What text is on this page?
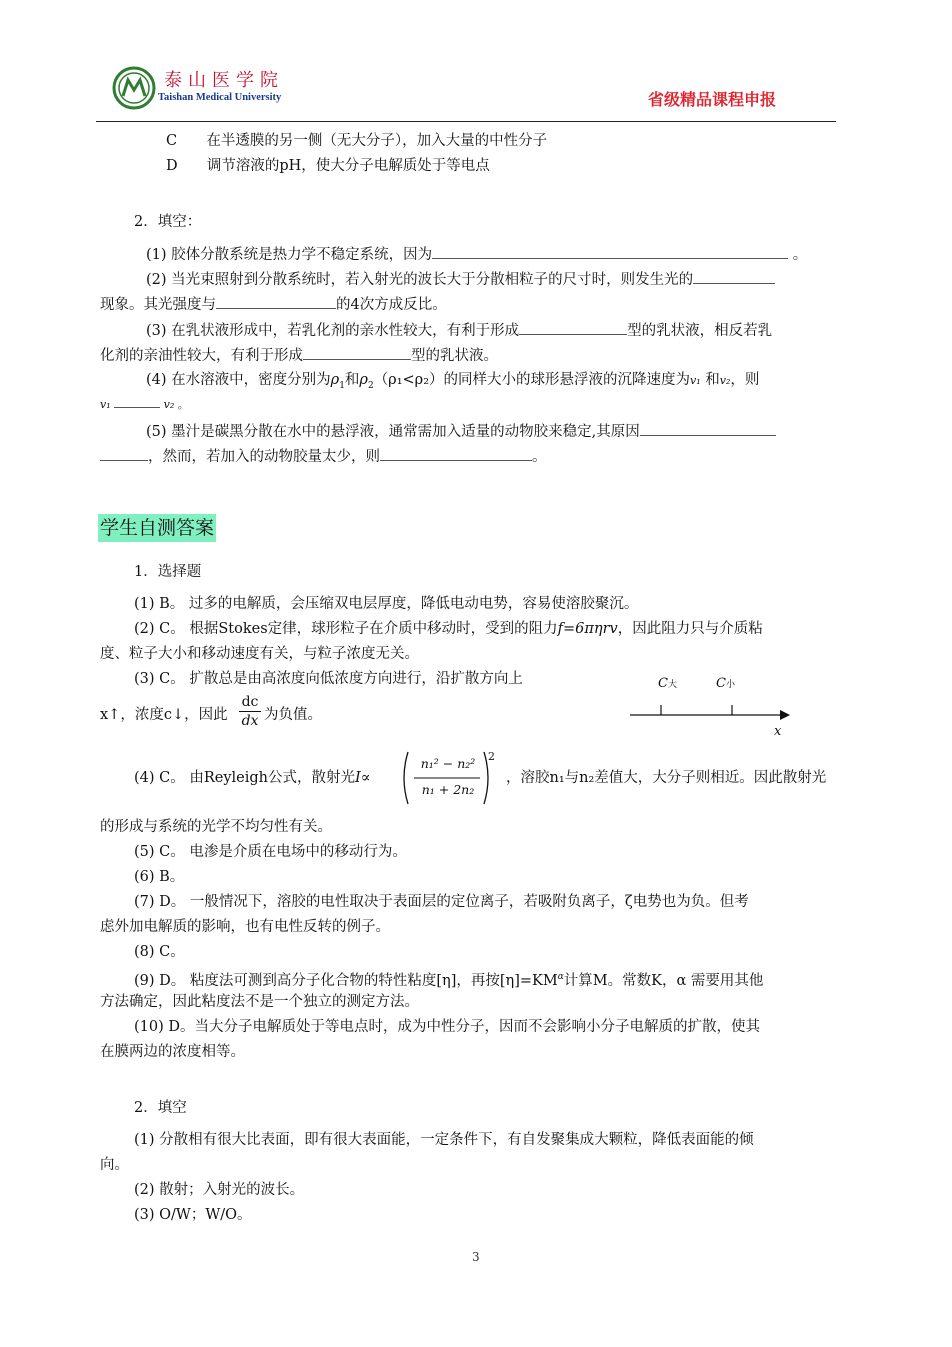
泰山医学院
Taishan Medical University	省级精品课程申报
C 在半透膜的另一侧（无大分子），加入大量的中性分子
D 调节溶液的pH，使大分子电解质处于等电点
2．填空：
(1) 胶体分散系统是热力学不稳定系统，因为	。
(2) 当光束照射到分散系统时，若入射光的波长大于分散相粒子的尺寸时，则发生光的
现象。其光强度与	的4次方成反比。
(3) 在乳状液形成中，若乳化剂的亲水性较大，有利于形成	型的乳状液，相反若乳
化剂的亲油性较大，有利于形成	型的乳状液。
(4) 在水溶液中，密度分别为$\rho_1$和$\rho_2(\rho_1<\rho_2)$的同样大小的球形悬浮液的沉降速度为v₁ 和v₂，则
v₁	v₂ 。
(5) 墨汁是碳黑分散在水中的悬浮液，通常需加入适量的动物胶来稳定,其原因
，然而，若加入的动物胶量太少，则	。
学生自测答案
1．选择题
(1) B。 过多的电解质，会压缩双电层厚度，降低电动电势，容易使溶胶聚沉。
(2) C。 根据Stokes定律，球形粒子在介质中移动时，受到的阻力f=6πηrv，因此阻力只与介质粘
度、粒子大小和移动速度有关，与粒子浓度无关。
(3) C。 扩散总是由高浓度向低浓度方向进行，沿扩散方向上
x↑，浓度c↓，因此 $\frac{dc}{dx}$ 为负值。
C大	C小
x
(4) C。 由Reyleigh公式，散射光I∝
n₁² − n₂²
n₁ + 2n₂
2
，溶胶n₁与n₂差值大，大分子则相近。因此散射光
的形成与系统的光学不均匀性有关。
(5) C。 电渗是介质在电场中的移动行为。
(6) B。
(7) D。 一般情况下，溶胶的电性取决于表面层的定位离子，若吸附负离子，ζ电势也为负。但考
虑外加电解质的影响，也有电性反转的例子。
(8) C。
(9) D。 粘度法可测到高分子化合物的特性粘度[η]，再按$[\eta]=KM^\alpha$计算M。常数K，α 需要用其他
方法确定，因此粘度法不是一个独立的测定方法。
(10) D。当大分子电解质处于等电点时，成为中性分子，因而不会影响小分子电解质的扩散，使其
在膜两边的浓度相等。
2．填空
(1) 分散相有很大比表面，即有很大表面能，一定条件下，有自发聚集成大颗粒，降低表面能的倾
向。
(2) 散射；入射光的波长。
(3) O/W；W/O。
3
